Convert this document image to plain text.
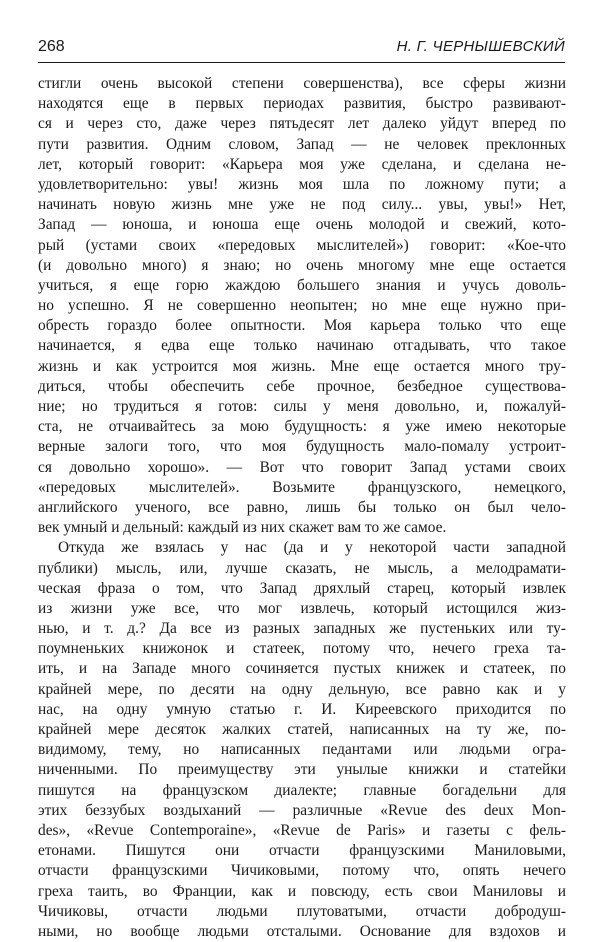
268	Н. Г. ЧЕРНЫШЕВСКИЙ
стигли очень высокой степени совершенства), все сферы жизни
находятся еще в первых периодах развития, быстро развивают-
ся и через сто, даже через пятьдесят лет далеко уйдут вперед по
пути развития. Одним словом, Запад — не человек преклонных
лет, который говорит: «Карьера моя уже сделана, и сделана не-
удовлетворительно: увы! жизнь моя шла по ложному пути; а
начинать новую жизнь мне уже не под силу... увы, увы!» Нет,
Запад — юноша, и юноша еще очень молодой и свежий, кото-
рый (устами своих «передовых мыслителей») говорит: «Кое-что
(и довольно много) я знаю; но очень многому мне еще остается
учиться, я еще горю жаждою большего знания и учусь доволь-
но успешно. Я не совершенно неопытен; но мне еще нужно при-
обресть гораздо более опытности. Моя карьера только что еще
начинается, я едва еще только начинаю отгадывать, что такое
жизнь и как устроится моя жизнь. Мне еще остается много тру-
диться, чтобы обеспечить себе прочное, безбедное существова-
ние; но трудиться я готов: силы у меня довольно, и, пожалуй-
ста, не отчаивайтесь за мою будущность: я уже имею некоторые
верные залоги того, что моя будущность мало-помалу устроит-
ся довольно хорошо». — Вот что говорит Запад устами своих
«передовых мыслителей». Возьмите французского, немецкого,
английского ученого, все равно, лишь бы только он был чело-
век умный и дельный: каждый из них скажет вам то же самое.
Откуда же взялась у нас (да и у некоторой части западной
публики) мысль, или, лучше сказать, не мысль, а мелодрамати-
ческая фраза о том, что Запад дряхлый старец, который извлек
из жизни уже все, что мог извлечь, который истощился жиз-
нью, и т. д.? Да все из разных западных же пустеньких или ту-
поумненьких книжонок и статеек, потому что, нечего греха та-
ить, и на Западе много сочиняется пустых книжек и статеек, по
крайней мере, по десяти на одну дельную, все равно как и у
нас, на одну умную статью г. И. Киреевского приходится по
крайней мере десяток жалких статей, написанных на ту же, по-
видимому, тему, но написанных педантами или людьми огра-
ниченными. По преимуществу эти унылые книжки и статейки
пишутся на французском диалекте; главные богадельни для
этих беззубых воздыханий — различные «Revue des deux Mon-
des», «Revue Contemporaine», «Revue de Paris» и газеты с фель-
етонами. Пишутся они отчасти французскими Маниловыми,
отчасти французскими Чичиковыми, потому что, опять нечего
греха таить, во Франции, как и повсюду, есть свои Маниловы и
Чичиковы, отчасти людьми плутоватыми, отчасти добродуш-
ными, но вообще людьми отсталыми. Основание для вздохов и
